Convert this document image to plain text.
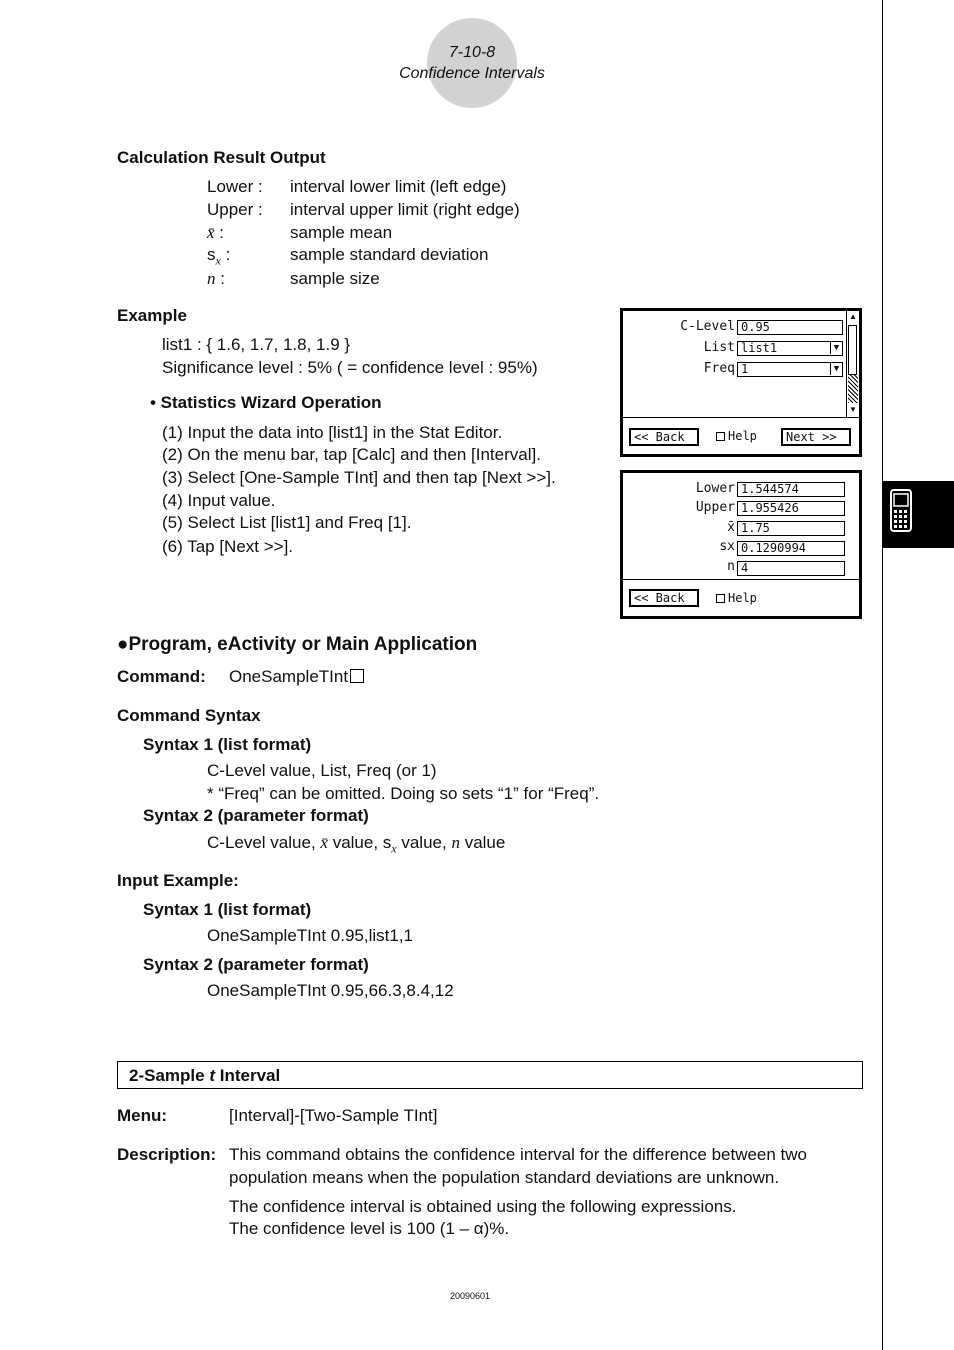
7-10-8
Confidence Intervals
Calculation Result Output
Lower : interval lower limit (left edge)
Upper : interval upper limit (right edge)
x̄ :	sample mean
$s_x$ :	sample standard deviation
n :	sample size
Example
list1 : { 1.6, 1.7, 1.8, 1.9 }
Significance level : 5% ( = confidence level : 95%)
• Statistics Wizard Operation
(1) Input the data into [list1] in the Stat Editor.
(2) On the menu bar, tap [Calc] and then [Interval].
(3) Select [One-Sample TInt] and then tap [Next >>].
(4) Input value.
(5) Select List [list1] and Freq [1].
(6) Tap [Next >>].
C-Level 0.95
List list1	▼
Freq 1	▼
▲
▼
<< Back	Help	Next >>
Lower 1.544574
Upper 1.955426
x̄ 1.75
sx 0.1290994
n 4
<< Back	Help
●Program, eActivity or Main Application
Command: OneSampleTInt
Command Syntax
Syntax 1 (list format)
C-Level value, List, Freq (or 1)
* “Freq” can be omitted. Doing so sets “1” for “Freq”.
Syntax 2 (parameter format)
C-Level value, x̄ value, $s_x$ value, n value
Input Example:
Syntax 1 (list format)
OneSampleTInt 0.95,list1,1
Syntax 2 (parameter format)
OneSampleTInt 0.95,66.3,8.4,12
2-Sample t Interval
Menu:	[Interval]-[Two-Sample TInt]
Description: This command obtains the confidence interval for the difference between two
population means when the population standard deviations are unknown.
The confidence interval is obtained using the following expressions.
The confidence level is 100 (1 – α)%.
20090601
